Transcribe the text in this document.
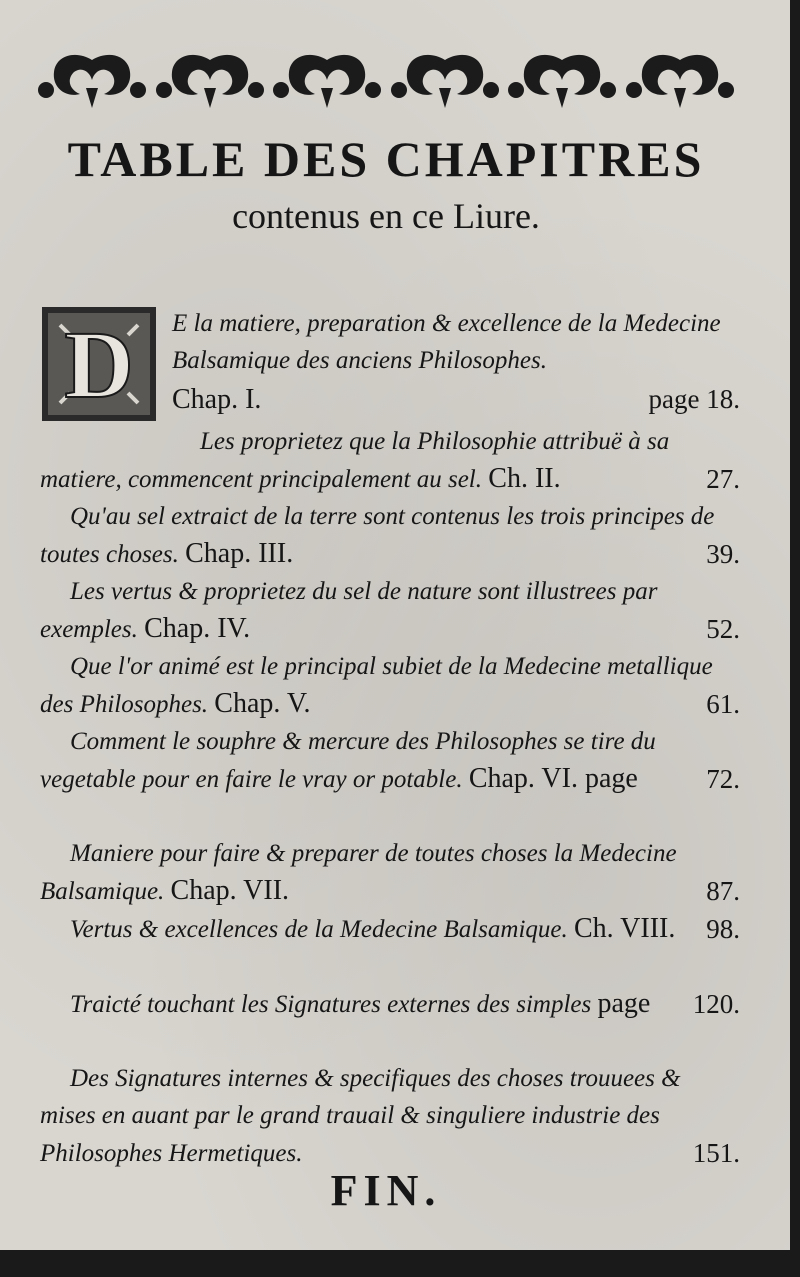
TABLE DES CHAPITRES
contenus en ce Liure.
D E la matiere, preparation & excellence de la Medecine Balsamique des anciens Philosophes.
Chap. I.	page 18.
Les proprietez que la Philosophie attribuë à sa matiere, commencent principalement au sel. Ch. II.	27.
Qu'au sel extraict de la terre sont contenus les trois principes de toutes choses. Chap. III.	39.
Les vertus & proprietez du sel de nature sont illustrees par exemples. Chap. IV.	52.
Que l'or animé est le principal subiet de la Medecine metallique des Philosophes. Chap. V.	61.
Comment le souphre & mercure des Philosophes se tire du vegetable pour en faire le vray or potable. Chap. VI. page	72.
Maniere pour faire & preparer de toutes choses la Medecine Balsamique. Chap. VII.	87.
Vertus & excellences de la Medecine Balsamique. Ch. VIII. 98.
Traicté touchant les Signatures externes des simples page 120.
Des Signatures internes & specifiques des choses trouuees & mises en auant par le grand trauail & singuliere industrie des Philosophes Hermetiques.	151.
FIN.
